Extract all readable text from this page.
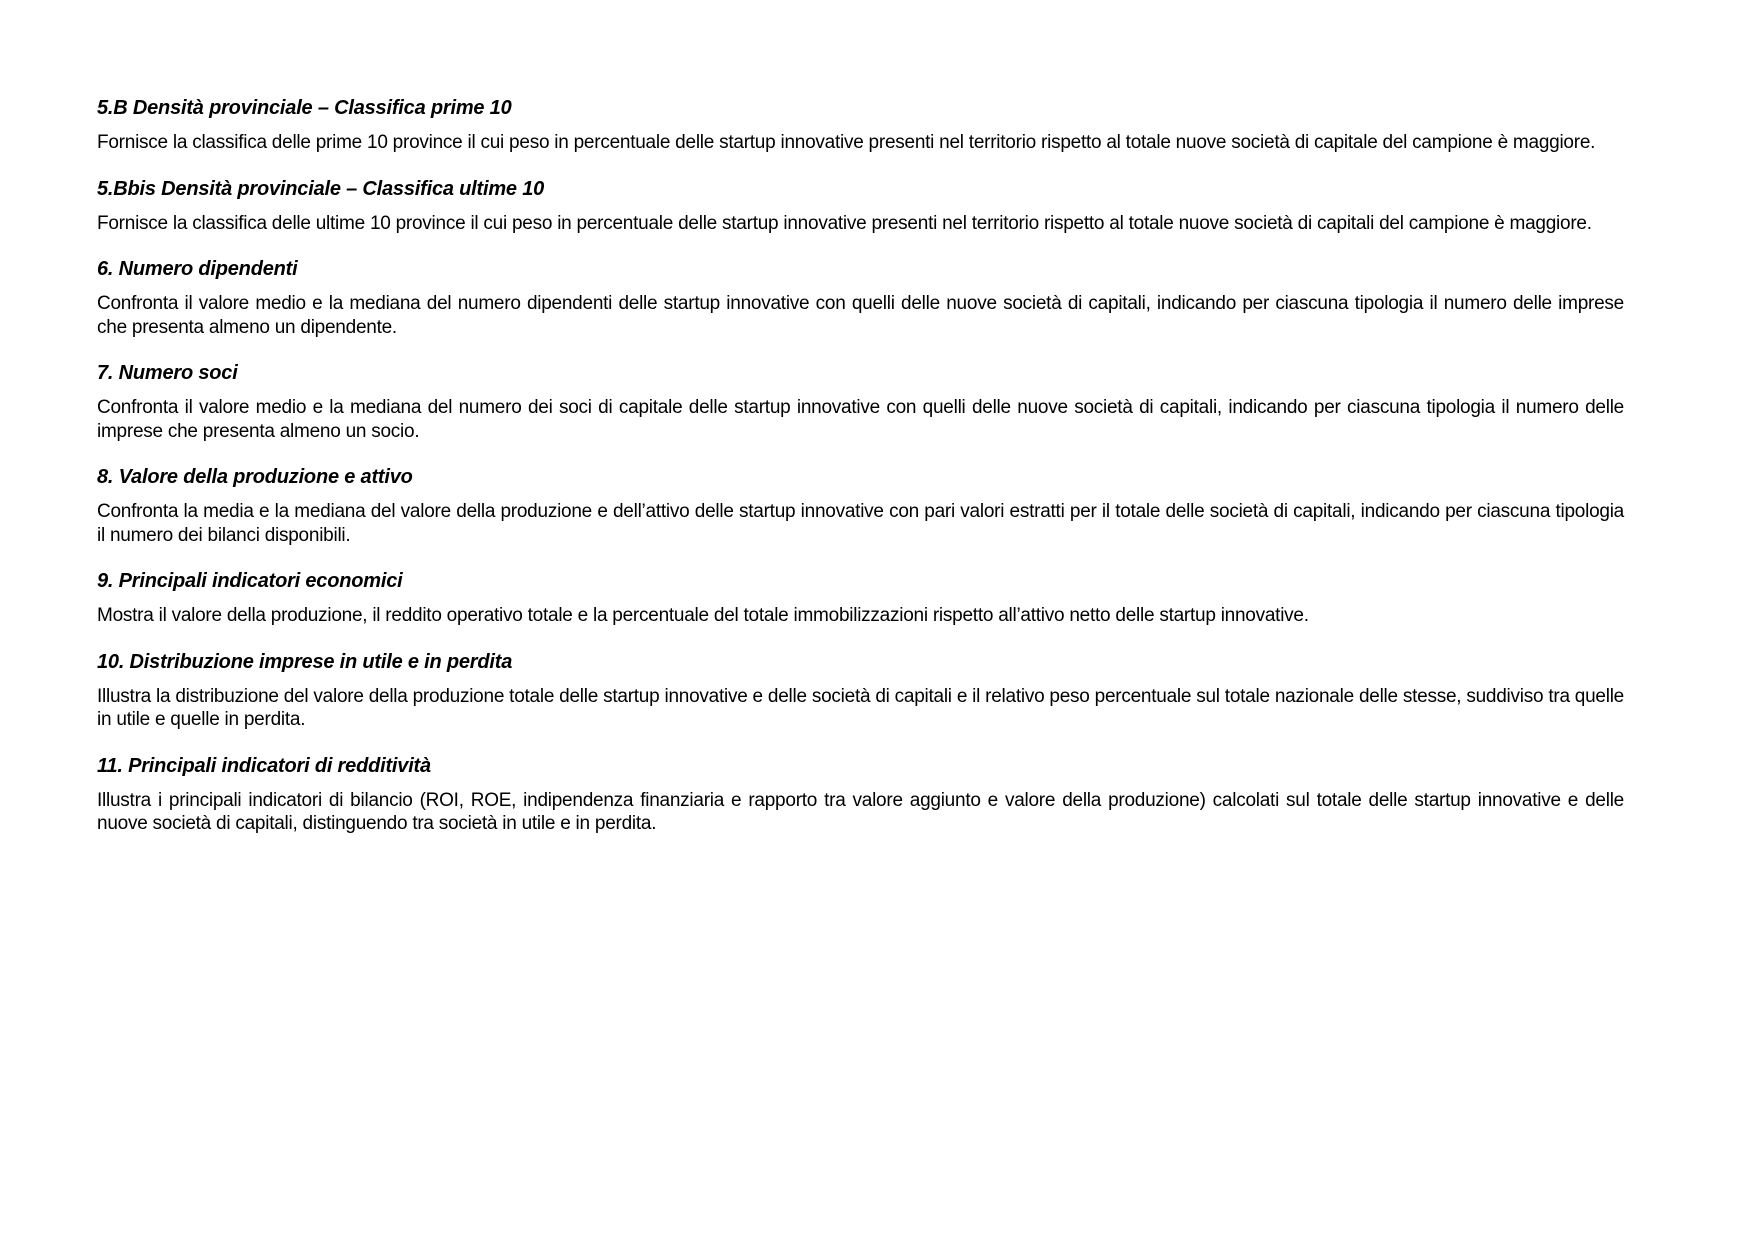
5.B Densità provinciale – Classifica prime 10

Fornisce la classifica delle prime 10 province il cui peso in percentuale delle startup innovative presenti nel territorio rispetto al totale nuove società di capitale del campione è maggiore.

5.Bbis Densità provinciale – Classifica ultime 10

Fornisce la classifica delle ultime 10 province il cui peso in percentuale delle startup innovative presenti nel territorio rispetto al totale nuove società di capitali del campione è maggiore.

6. Numero dipendenti

Confronta il valore medio e la mediana del numero dipendenti delle startup innovative con quelli delle nuove società di capitali, indicando per ciascuna tipologia il numero delle imprese che presenta almeno un dipendente.

7. Numero soci

Confronta il valore medio e la mediana del numero dei soci di capitale delle startup innovative con quelli delle nuove società di capitali, indicando per ciascuna tipologia il numero delle imprese che presenta almeno un socio.

8. Valore della produzione e attivo

Confronta la media e la mediana del valore della produzione e dell’attivo delle startup innovative con pari valori estratti per il totale delle società di capitali, indicando per ciascuna tipologia il numero dei bilanci disponibili.

9. Principali indicatori economici

Mostra il valore della produzione, il reddito operativo totale e la percentuale del totale immobilizzazioni rispetto all’attivo netto delle startup innovative.

10. Distribuzione imprese in utile e in perdita

Illustra la distribuzione del valore della produzione totale delle startup innovative e delle società di capitali e il relativo peso percentuale sul totale nazionale delle stesse, suddiviso tra quelle in utile e quelle in perdita.

11. Principali indicatori di redditività

Illustra i principali indicatori di bilancio (ROI, ROE, indipendenza finanziaria e rapporto tra valore aggiunto e valore della produzione) calcolati sul totale delle startup innovative e delle nuove società di capitali, distinguendo tra società in utile e in perdita.
